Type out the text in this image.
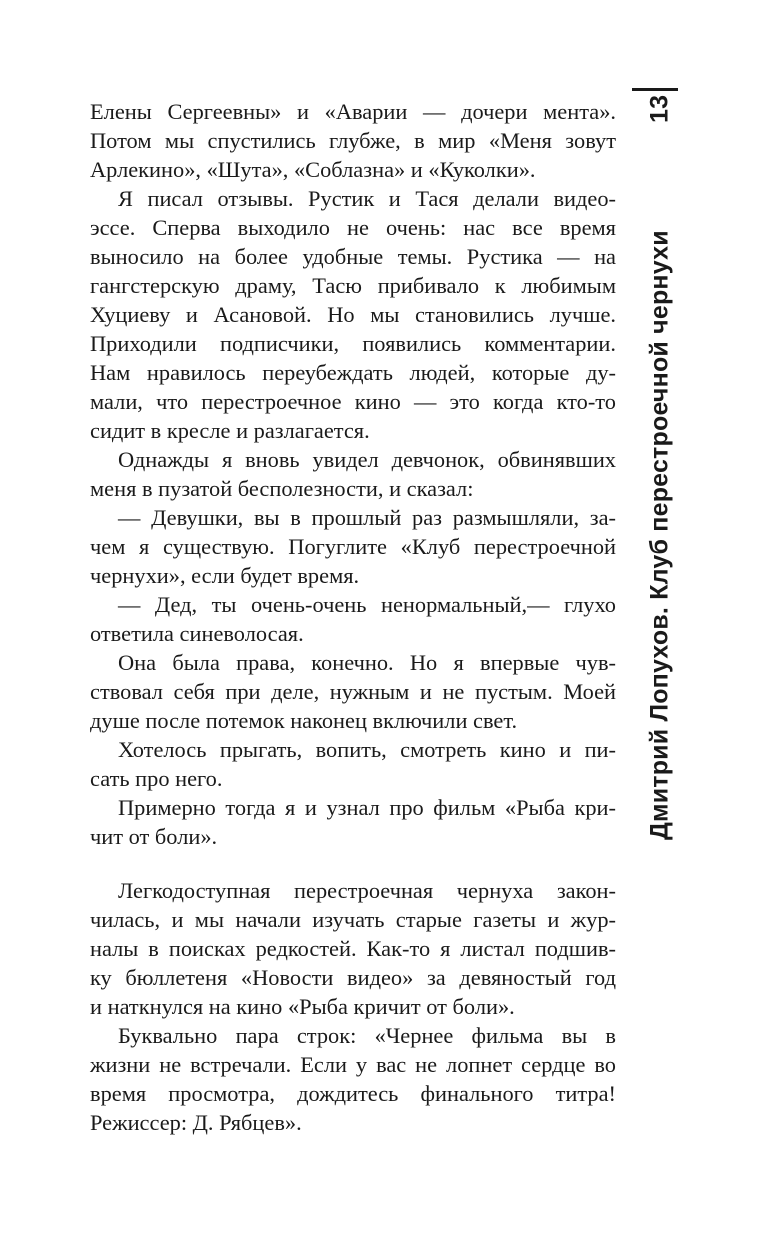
Елены Сергеевны» и «Аварии — дочери мента».
Потом мы спустились глубже, в мир «Меня зовут
Арлекино», «Шута», «Соблазна» и «Куколки».
Я писал отзывы. Рустик и Тася делали видео-
эссе. Сперва выходило не очень: нас все время
выносило на более удобные темы. Рустика — на
гангстерскую драму, Тасю прибивало к любимым
Хуциеву и Асановой. Но мы становились лучше.
Приходили подписчики, появились комментарии.
Нам нравилось переубеждать людей, которые ду-
мали, что перестроечное кино — это когда кто-то
сидит в кресле и разлагается.
Однажды я вновь увидел девчонок, обвинявших
меня в пузатой бесполезности, и сказал:
— Девушки, вы в прошлый раз размышляли, за-
чем я существую. Погуглите «Клуб перестроечной
чернухи», если будет время.
— Дед, ты очень-очень ненормальный,— глухо
ответила синеволосая.
Она была права, конечно. Но я впервые чув-
ствовал себя при деле, нужным и не пустым. Моей
душе после потемок наконец включили свет.
Хотелось прыгать, вопить, смотреть кино и пи-
сать про него.
Примерно тогда я и узнал про фильм «Рыба кри-
чит от боли».
Легкодоступная перестроечная чернуха закон-
чилась, и мы начали изучать старые газеты и жур-
налы в поисках редкостей. Как-то я листал подшив-
ку бюллетеня «Новости видео» за девяностый год
и наткнулся на кино «Рыба кричит от боли».
Буквально пара строк: «Чернее фильма вы в
жизни не встречали. Если у вас не лопнет сердце во
время просмотра, дождитесь финального титра!
Режиссер: Д. Рябцев».
Дмитрий Лопухов. Клуб перестроечной чернухи
13
